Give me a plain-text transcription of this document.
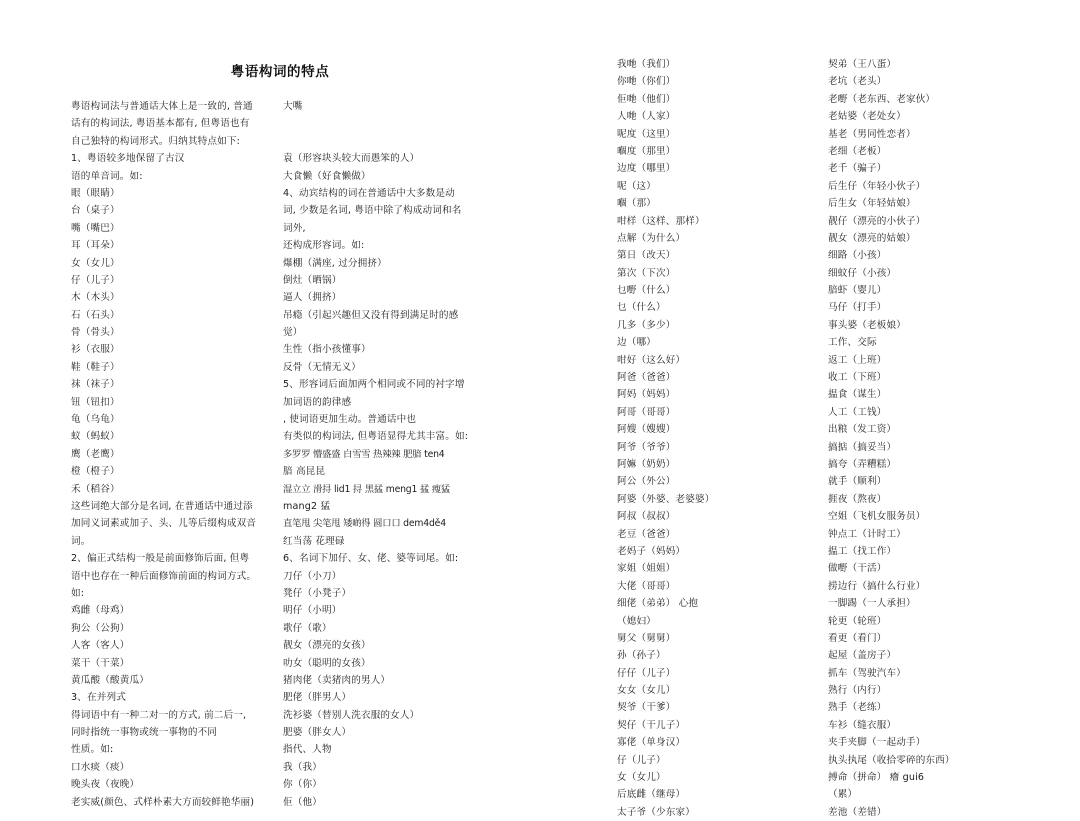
粤语构词的特点
粤语构词法与普通话大体上是一致的, 普通
话有的构词法, 粤语基本都有, 但粤语也有
自己独特的构词形式。归纳其特点如下:
1、粤语较多地保留了古汉
语的单音词。如:
眼（眼睛）
台（桌子）
嘴（嘴巴）
耳（耳朵）
女（女儿）
仔（儿子）
木（木头）
石（石头）
骨（骨头）
衫（衣服）
鞋（鞋子）
袜（袜子）
钮（钮扣）
龟（乌龟）
蚁（蚂蚁）
鹰（老鹰）
橙（橙子）
禾（稻谷）
这些词绝大部分是名词, 在普通话中通过添
加同义词素或加子、头、儿等后缀构成双音
词。
2、偏正式结构一般是前面修饰后面, 但粤
语中也存在一种后面修饰前面的构词方式。
如:
鸡雌（母鸡）
狗公（公狗）
人客（客人）
菜干（干菜）
黄瓜酸（酸黄瓜）
3、在并列式
得词语中有一种二对一的方式, 前二后一,
同时指统一事物或统一事物的不同
性质。如:
口水痰（痰）
晚头夜（夜晚）
老实威(颜色、式样朴素大方而较鲜艳华丽)
大嘴

袁（形容块头较大而愚笨的人）
大食懒（好食懒做）
4、动宾结构的词在普通话中大多数是动
词, 少数是名词, 粤语中除了构成动词和名
词外,
还构成形容词。如:
爆棚（满座, 过分拥挤）
倒灶（晒锅）
逼人（拥挤）
吊瘾（引起兴趣但又没有得到满足时的感
觉）
生性（指小孩懂事）
反骨（无情无义）
5、形容词后面加两个相同或不同的衬字增
加词语的韵律感
, 使词语更加生动。普通话中也
有类似的构词法, 但粤语显得尤其丰富。如:
多罗罗 懵盛盛 白雪雪 热辣辣 肥腤 ten4
腤 高昆昆
湿立立 滑挦 lid1 挦 黑掹 meng1 掹 瘦猛
mang2 猛
直笔甩 尖笔甩 矮啲得 圆口口 dem4dě4
红当荡 花理碌
6、名词下加仔、女、佬、婆等词尾。如:
刀仔（小刀）
凳仔（小凳子）
明仔（小明）
歌仔（歌）
靓女（漂亮的女孩）
叻女（聪明的女孩）
猪肉佬（卖猪肉的男人）
肥佬（胖男人）
洗衫婆（替别人洗衣服的女人）
肥婆（胖女人）
指代、人物
我（我）
你（你）
佢（他）
我哋（我们）
你哋（你们）
佢哋（他们）
人哋（人家）
呢度（这里）
嗰度（那里）
边度（哪里）
呢（这）
嗰（那）
咁样（这样、那样）
点解（为什么）
第日（改天）
第次（下次）
乜嘢（什么）
乜（什么）
几多（多少）
边（哪）
咁好（这么好）
阿爸（爸爸）
阿妈（妈妈）
阿哥（哥哥）
阿嫂（嫂嫂）
阿爷（爷爷）
阿嫲（奶奶）
阿公（外公）
阿婆（外婆、老婆婆）
阿叔（叔叔）
老豆（爸爸）
老妈子（妈妈）
家姐（姐姐）
大佬（哥哥）
细佬（弟弟） 心抱
（媳妇）
舅父（舅舅）
孙（孙子）
仔仔（儿子）
女女（女儿）
契爷（干爹）
契仔（干儿子）
寡佬（单身汉）
仔（儿子）
女（女儿）
后底雌（继母）
太子爷（少东家）
契弟（王八蛋）
老坑（老头）
老嘢（老东西、老家伙）
老姑婆（老处女）
基老（男同性恋者）
老细（老板）
老千（骗子）
后生仔（年轻小伙子）
后生女（年轻姑娘）
靓仔（漂亮的小伙子）
靓女（漂亮的姑娘）
细路（小孩）
细蚊仔（小孩）
腤虾（婴儿）
马仔（打手）
事头婆（老板娘）
工作、交际
返工（上班）
收工（下班）
揾食（谋生）
人工（工钱）
出粮（发工资）
搞掂（搞妥当）
搞夸（弄糟糕）
就手（顺利）
捱夜（熬夜）
空姐（飞机女服务员）
钟点工（计时工）
揾工（找工作）
做嘢（干活）
捞边行（搞什么行业）
一脚踢（一人承担）
轮更（轮班）
看更（看门）
起屋（盖房子）
抓车（驾驶汽车）
熟行（内行）
熟手（老练）
车衫（缝衣服）
夹手夹脚（一起动手）
执头执尾（收拾零碎的东西）
搏命（拼命） 癐 gui6
（累）
差池（差错）
